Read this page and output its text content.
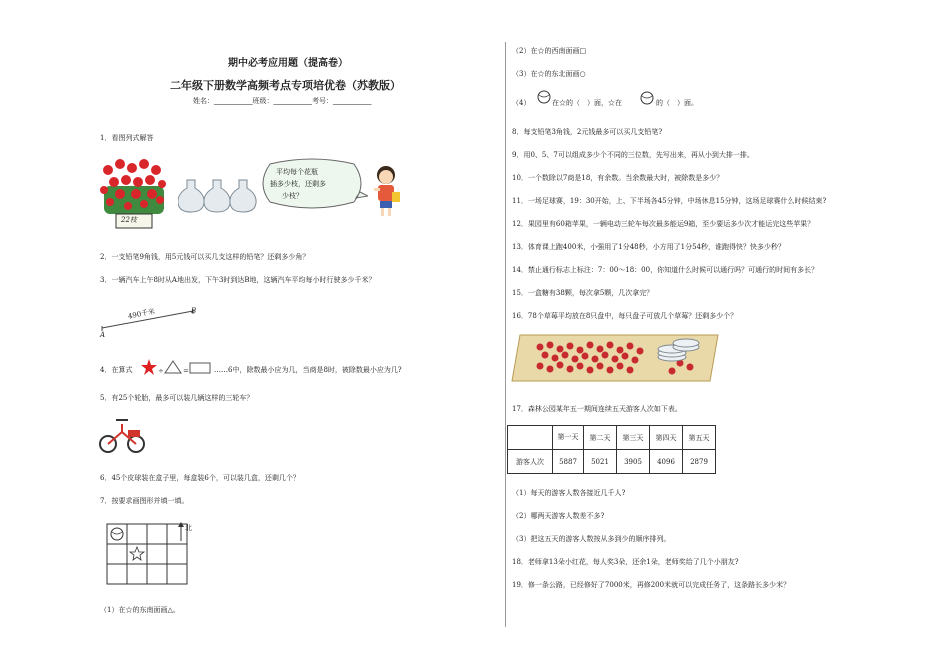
期中必考应用题（提高卷）
二年级下册数学高频考点专项培优卷（苏教版）
姓名：___________班级：___________考号：___________
1．看图列式解答
22枝
平均每个花瓶
插多少枝，还剩多
少枝？
2．一支铅笔9角钱，用5元钱可以买几支这样的铅笔？还剩多少角？
3．一辆汽车上午8时从A地出发，下午3时到达B地，这辆汽车平均每小时行驶多少千米？
490千米
A
B
4．在算式	÷	=	……6中，除数最小应为几，当商是8时，被除数最小应为几?
5．有25个轮胎，最多可以装几辆这样的三轮车？
6．45个皮球装在盒子里，每盒装6个，可以装几盒，还剩几个？
7．按要求画图形并填一填。
北
（1）在☆的东南面画△。
（2）在☆的西南面画□
（3）在☆的东北面画○
（4）	在☆的（　）面，☆在	的（　）面。
8．每支铅笔3角钱，2元钱最多可以买几支铅笔?
9．用0、5、7可以组成多少个不同的三位数，先写出来，再从小到大排一排。
10．一个数除以7商是18，有余数。当余数最大时，被除数是多少？
11．一场足球赛，19：30开始，上、下半场各45分钟，中场休息15分钟，这场足球赛什么时候结束?
12．果园里有60箱苹果，一辆电动三轮车每次最多能运9箱，至少要运多少次才能运完这些苹果？
13．体育课上跑400米，小强用了1分48秒，小方用了1分54秒，谁跑得快？快多少秒？
14．禁止通行标志上标注：7：00～18：00，你知道什么时候可以通行吗？可通行的时间有多长？
15．一盒糖有38颗，每次拿5颗，几次拿完？
16．78个草莓平均放在8只盘中，每只盘子可放几个草莓？还剩多少个？
17．森林公园某年五一期间连续五天游客人次如下表。
	第一天	第二天	第三天	第四天	第五天
游客人次	5887	5021	3905	4096	2879
（1）每天的游客人数各接近几千人?
（2）哪两天游客人数差不多?
（3）把这五天的游客人数按从多到少的顺序排列。
18．老师拿13朵小红花，每人奖3朵，还余1朵，老师奖给了几个小朋友?
19．修一条公路，已经修好了7000米，再修200米就可以完成任务了，这条路长多少米？
